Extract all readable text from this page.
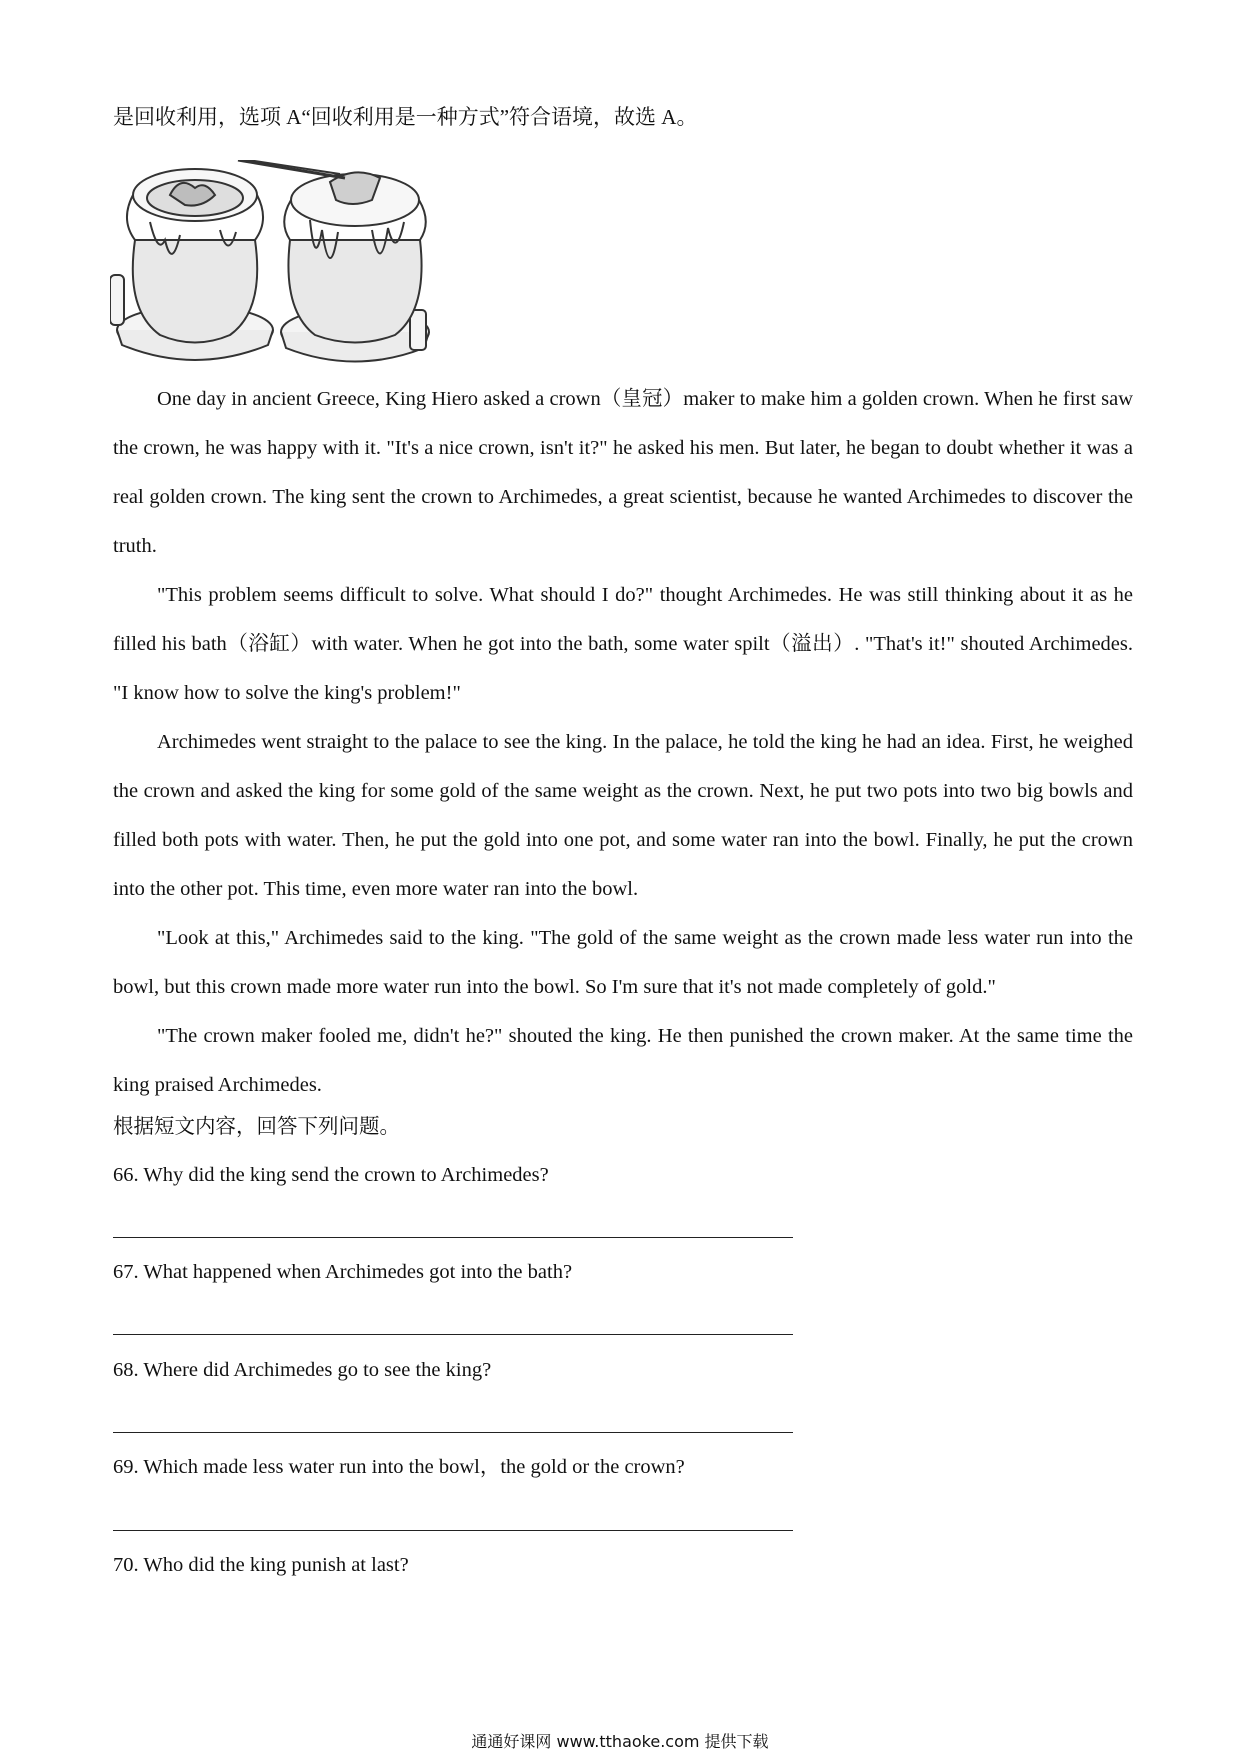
是回收利用，选项 A“回收利用是一种方式”符合语境，故选 A。

One day in ancient Greece, King Hiero asked a crown（皇冠）maker to make him a golden crown. When he first saw the crown, he was happy with it. "It's a nice crown, isn't it?" he asked his men. But later, he began to doubt whether it was a real golden crown. The king sent the crown to Archimedes, a great scientist, because he wanted Archimedes to discover the truth.

"This problem seems difficult to solve. What should I do?" thought Archimedes. He was still thinking about it as he filled his bath（浴缸）with water. When he got into the bath, some water spilt（溢出）. "That's it!" shouted Archimedes. "I know how to solve the king's problem!"

Archimedes went straight to the palace to see the king. In the palace, he told the king he had an idea. First, he weighed the crown and asked the king for some gold of the same weight as the crown. Next, he put two pots into two big bowls and filled both pots with water. Then, he put the gold into one pot, and some water ran into the bowl. Finally, he put the crown into the other pot. This time, even more water ran into the bowl.

"Look at this," Archimedes said to the king. "The gold of the same weight as the crown made less water run into the bowl, but this crown made more water run into the bowl. So I'm sure that it's not made completely of gold."

"The crown maker fooled me, didn't he?" shouted the king. He then punished the crown maker. At the same time the king praised Archimedes.

根据短文内容，回答下列问题。
66. Why did the king send the crown to Archimedes?
67. What happened when Archimedes got into the bath?
68. Where did Archimedes go to see the king?
69. Which made less water run into the bowl，the gold or the crown?
70. Who did the king punish at last?
通通好课网 www.tthaoke.com 提供下载
